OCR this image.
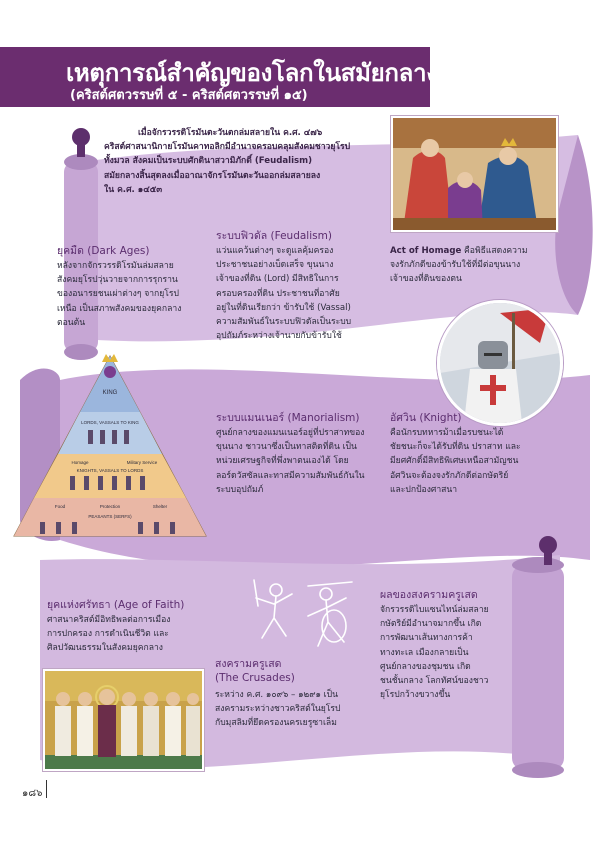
เหตุการณ์สำคัญของโลกในสมัยกลาง
(คริสต์ศตวรรษที่ ๕ - คริสต์ศตวรรษที่ ๑๕)
เมื่อจักรวรรดิโรมันตะวันตกล่มสลายใน ค.ศ. ๔๗๖
คริสต์ศาสนานิกายโรมันคาทอลิกมีอำนาจครอบคลุมสังคมชาวยุโรป
ทั้งมวล สังคมเป็นระบบศักดินาสวามิภักดิ์ (Feudalism)
สมัยกลางสิ้นสุดลงเมื่ออาณาจักรโรมันตะวันออกล่มสลายลง
ใน ค.ศ. ๑๔๕๓
ยุคมืด (Dark Ages)
หลังจากจักรวรรดิโรมันล่มสลาย
สังคมยุโรปวุ่นวายจากการรุกราน
ของอนารยชนเผ่าต่างๆ จากยุโรป
เหนือ เป็นสภาพสังคมของยุคกลาง
ตอนต้น
ระบบฟิวดัล (Feudalism)
แว่นแคว้นต่างๆ จะดูแลคุ้มครอง
ประชาชนอย่างเบ็ดเสร็จ ขุนนาง
เจ้าของที่ดิน (Lord) มีสิทธิในการ
ครอบครองที่ดิน ประชาชนที่อาศัย
อยู่ในที่ดินเรียกว่า ข้ารับใช้ (Vassal)
ความสัมพันธ์ในระบบฟิวดัลเป็นระบบ
อุปถัมภ์ระหว่างเจ้านายกับข้ารับใช้
Act of Homage คือพิธีแสดงความ
จงรักภักดีของข้ารับใช้ที่มีต่อขุนนาง
เจ้าของที่ดินของตน
KING
LORDS, VASSALS TO KING
Homage	Military Service
KNIGHTS, VASSALS TO LORDS
Food	Protection	Shelter
PEASANTS (SERFS)
ระบบแมนเนอร์ (Manorialism)
ศูนย์กลางของแมนเนอร์อยู่ที่ปราสาทของ
ขุนนาง ชาวนาซึ่งเป็นทาสติดที่ดิน เป็น
หน่วยเศรษฐกิจที่พึ่งพาตนเองได้ โดย
ลอร์ดวัสซัลและทาสมีความสัมพันธ์กันใน
ระบบอุปถัมภ์
อัศวิน (Knight)
คือนักรบทหารม้าเมื่อรบชนะได้
ชัยชนะก็จะได้รับที่ดิน ปราสาท และ
มียศศักดิ์มีสิทธิพิเศษเหนือสามัญชน
อัศวินจะต้องจงรักภักดีต่อกษัตริย์
และปกป้องศาสนา
ยุคแห่งศรัทธา (Age of Faith)
ศาสนาคริสต์มีอิทธิพลต่อการเมือง
การปกครอง การดำเนินชีวิต และ
ศิลปวัฒนธรรมในสังคมยุคกลาง
สงครามครูเสด
(The Crusades)
ระหว่าง ค.ศ. ๑๐๙๖ – ๑๒๙๑ เป็น
สงครามระหว่างชาวคริสต์ในยุโรป
กับมุสลิมที่ยึดครองนครเยรูซาเล็ม
ผลของสงครามครูเสด
จักรวรรดิไบแซนไทน์ล่มสลาย
กษัตริย์มีอำนาจมากขึ้น เกิด
การพัฒนาเส้นทางการค้า
ทางทะเล เมืองกลายเป็น
ศูนย์กลางของชุมชน เกิด
ชนชั้นกลาง โลกทัศน์ของชาว
ยุโรปกว้างขวางขึ้น
๑๘๖
